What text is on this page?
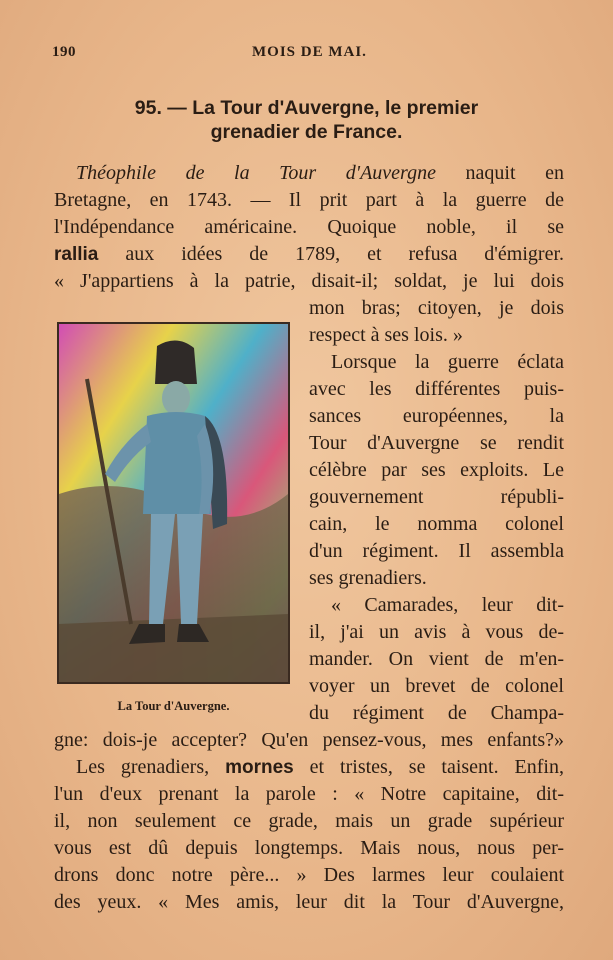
190	MOIS DE MAI.
95. — La Tour d'Auvergne, le premier
grenadier de France.
Théophile de la Tour d'Auvergne naquit en
Bretagne, en 1743. — Il prit part à la guerre de
l'Indépendance américaine. Quoique noble, il se
rallia aux idées de 1789, et refusa d'émigrer.
« J'appartiens à la patrie, disait-il; soldat, je lui dois
mon bras; citoyen, je dois
respect à ses lois. »
Lorsque la guerre éclata
avec les différentes puis-
sances européennes, la
Tour d'Auvergne se rendit
célèbre par ses exploits. Le
gouvernement républi-
cain, le nomma colonel
d'un régiment. Il assembla
ses grenadiers.
« Camarades, leur dit-
il, j'ai un avis à vous de-
mander. On vient de m'en-
voyer un brevet de colonel
du régiment de Champa-
gne: dois-je accepter? Qu'en pensez-vous, mes enfants?»
Les grenadiers, mornes et tristes, se taisent. Enfin,
l'un d'eux prenant la parole : « Notre capitaine, dit-
il, non seulement ce grade, mais un grade supérieur
vous est dû depuis longtemps. Mais nous, nous per-
drons donc notre père... » Des larmes leur coulaient
des yeux. « Mes amis, leur dit la Tour d'Auvergne,
La Tour d'Auvergne.
